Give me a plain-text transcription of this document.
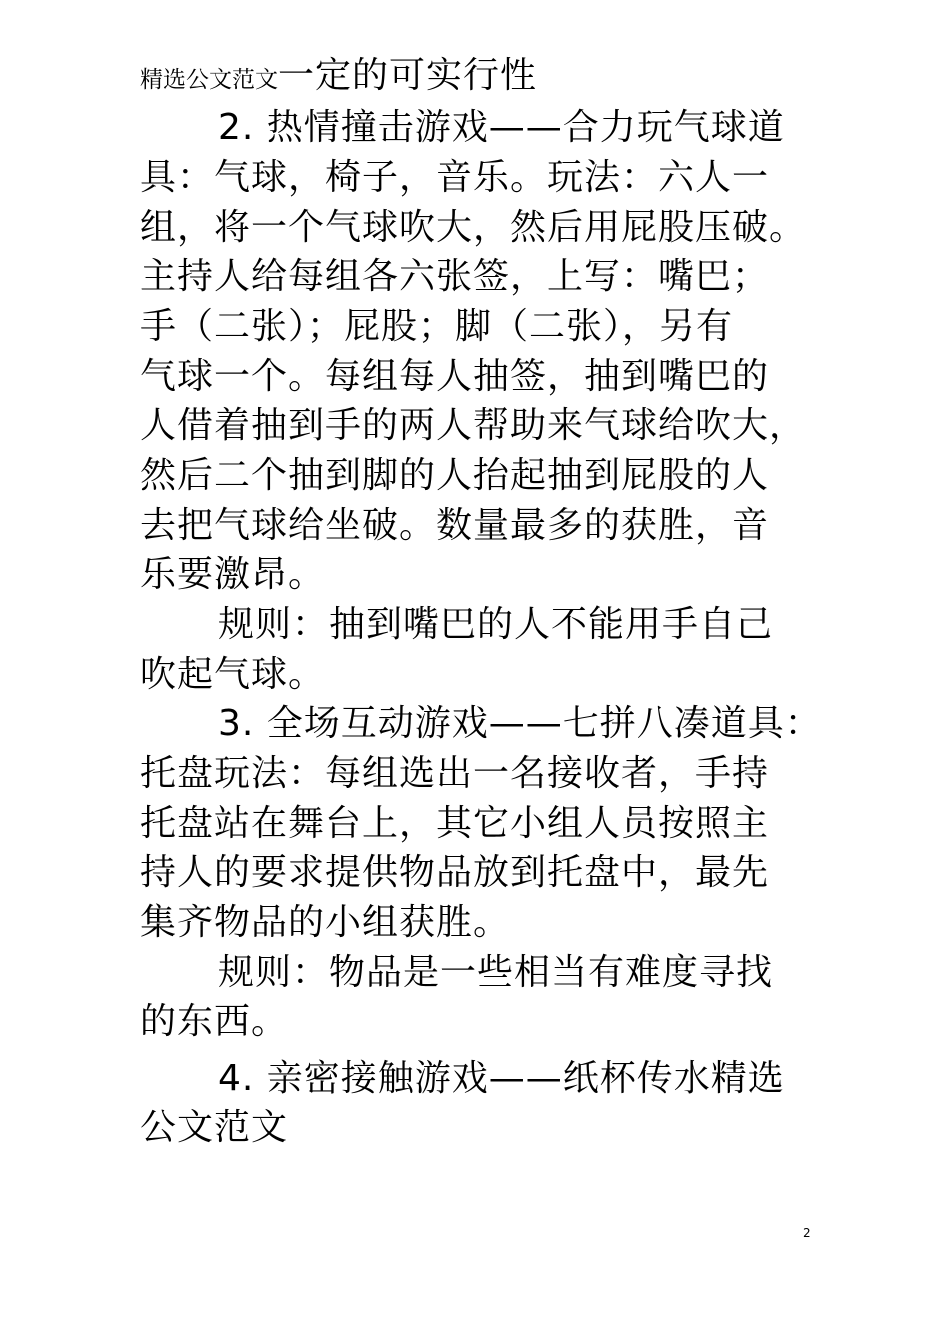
精选公文范文一定的可实行性
2. 热情撞击游戏——合力玩气球道
具：气球，椅子，音乐。玩法：六人一
组，将一个气球吹大，然后用屁股压破。
主持人给每组各六张签，上写：嘴巴；
手（二张）；屁股；脚（二张），另有
气球一个。每组每人抽签，抽到嘴巴的
人借着抽到手的两人帮助来气球给吹大，
然后二个抽到脚的人抬起抽到屁股的人
去把气球给坐破。数量最多的获胜，音
乐要激昂。
规则：抽到嘴巴的人不能用手自己
吹起气球。
3. 全场互动游戏——七拼八凑道具：
托盘玩法：每组选出一名接收者，手持
托盘站在舞台上，其它小组人员按照主
持人的要求提供物品放到托盘中，最先
集齐物品的小组获胜。
规则：物品是一些相当有难度寻找
的东西。
4. 亲密接触游戏——纸杯传水精选
公文范文
2
